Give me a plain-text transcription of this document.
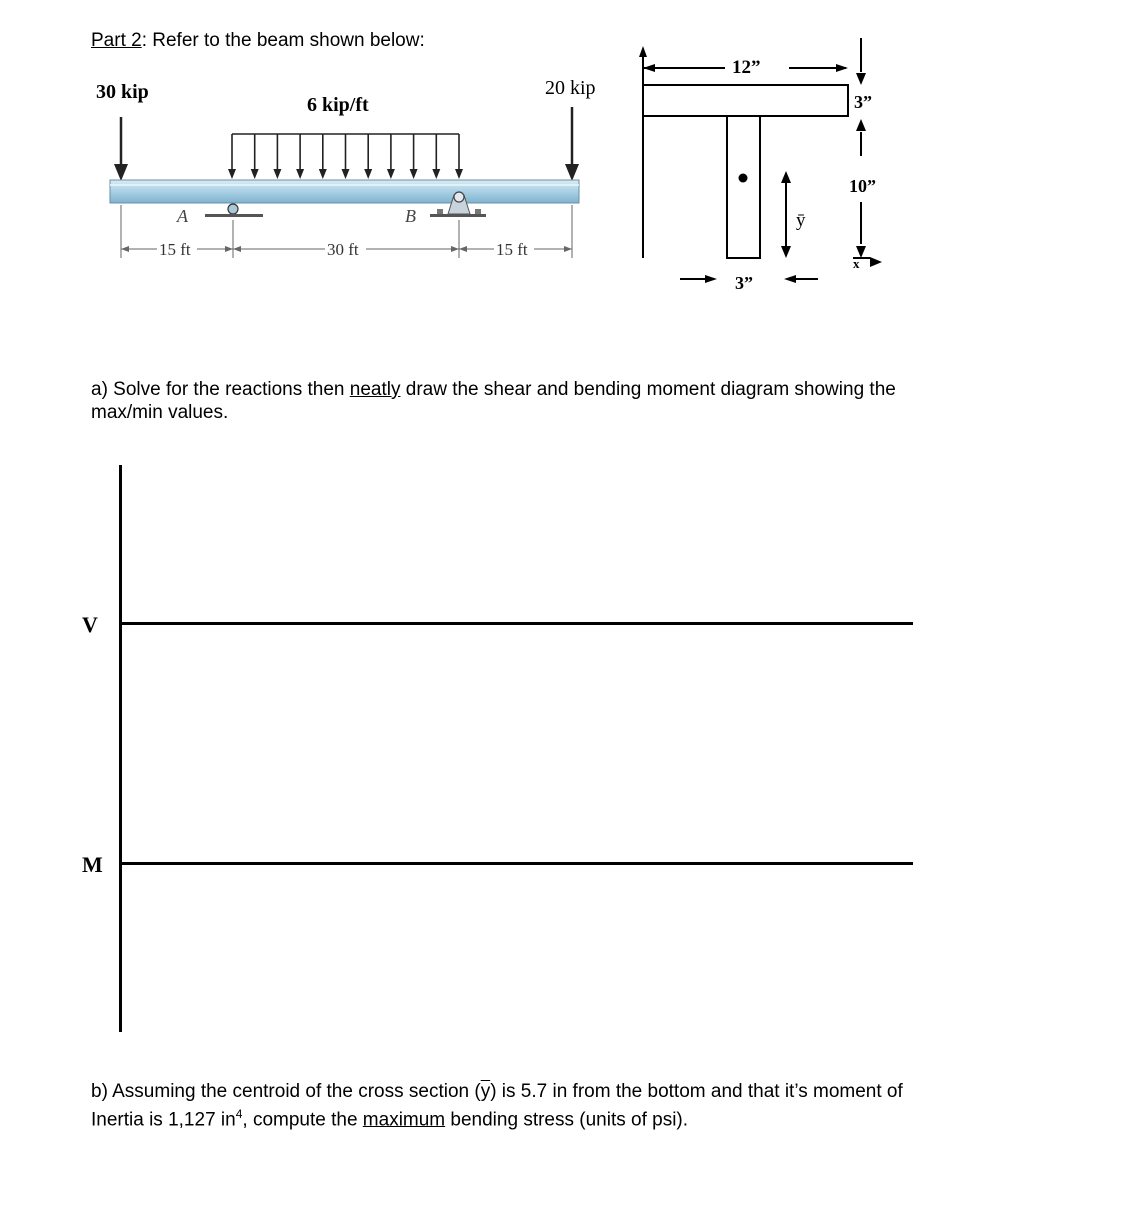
Part 2: Refer to the beam shown below:
30 kip	20 kip
6 kip/ft
A	B
15 ft	30 ft	15 ft
12”
3”
10”
x
ȳ
3”
a) Solve for the reactions then neatly draw the shear and bending moment diagram showing the
max/min values.
V
M
b) Assuming the centroid of the cross section $(\overline{y})$ is 5.7 in from the bottom and that it’s moment of
Inertia is 1,127 $in^4$, compute the maximum bending stress (units of psi).
